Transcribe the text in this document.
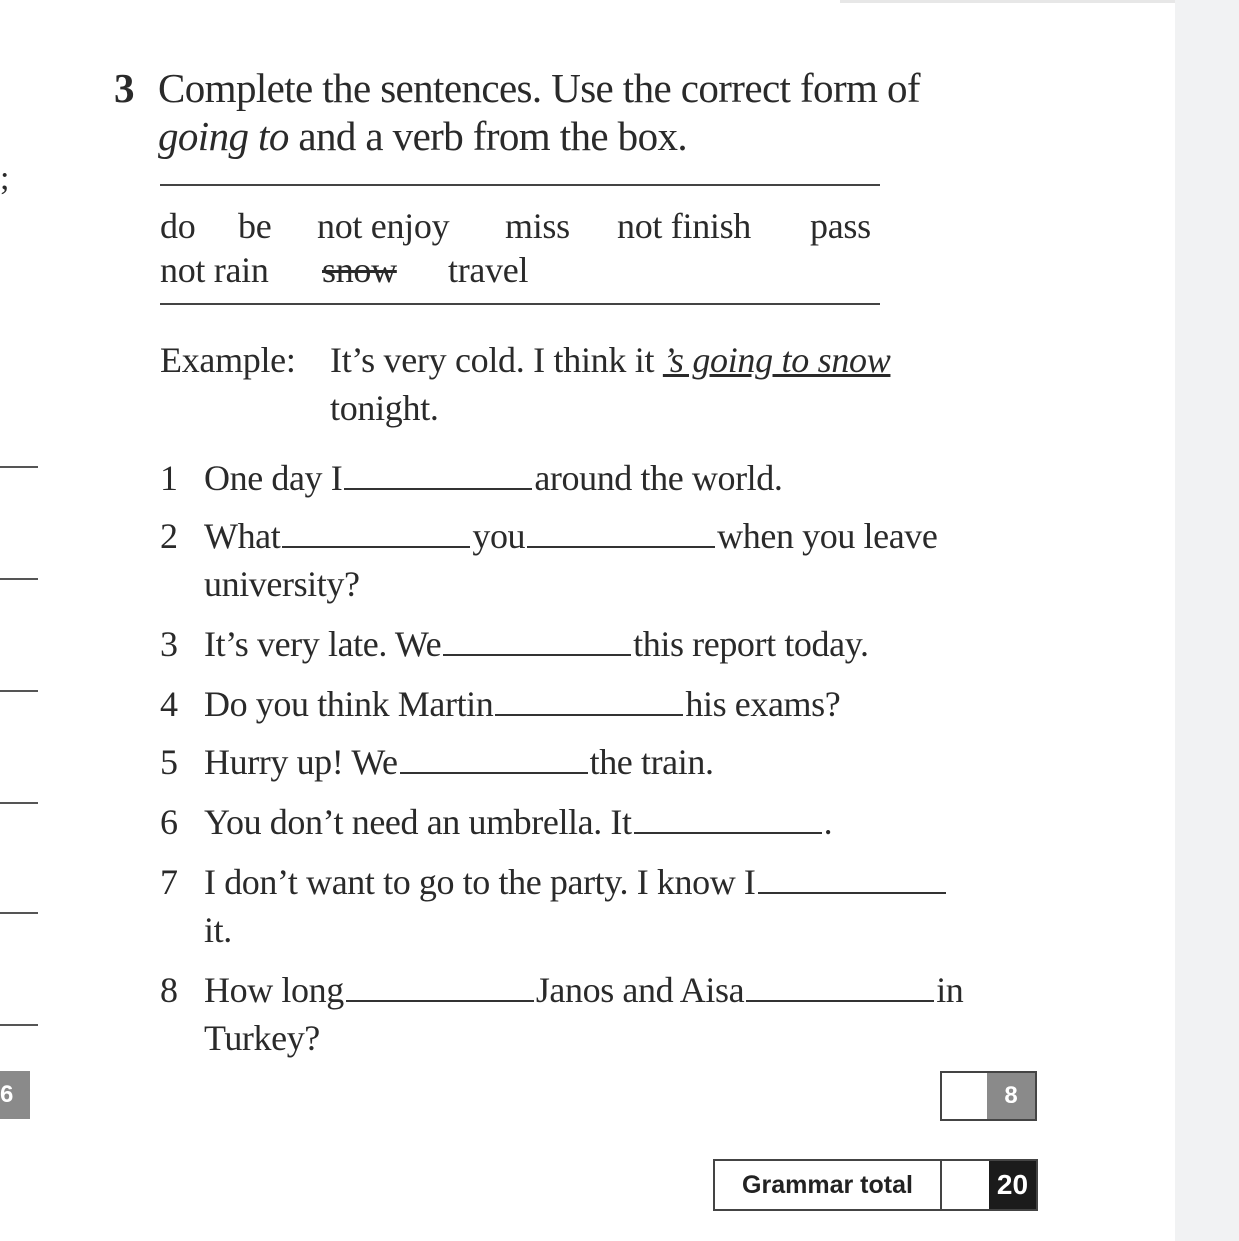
;
3 Complete the sentences. Use the correct form of
going to and a verb from the box.
do be not enjoy miss not finish pass
not rain snow travel
Example: It’s very cold. I think it ’s going to snow
tonight.
1 One day I	around the world.
2 What	you	when you leave
university?
3 It’s very late. We	this report today.
4 Do you think Martin	his exams?
5 Hurry up! We	the train.
6 You don’t need an umbrella. It	.
7 I don’t want to go to the party. I know I
it.
8 How long	Janos and Aisa	in
Turkey?
6	8
Grammar total	20
